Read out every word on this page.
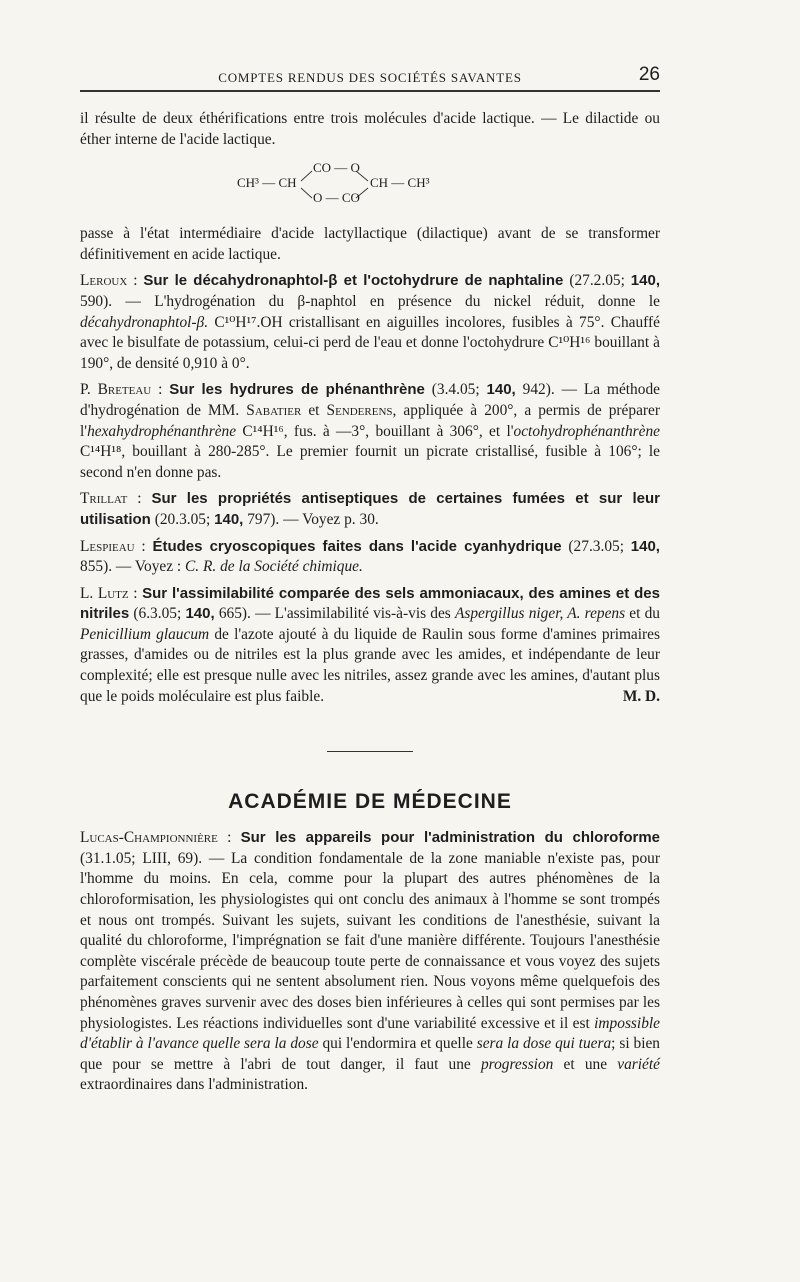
COMPTES RENDUS DES SOCIÉTÉS SAVANTES	26

il résulte de deux éthérifications entre trois molécules d'acide lactique. — Le dilactide ou éther interne de l'acide lactique.

CH³ — CH
CO — O
O — CO
CH — CH³

passe à l'état intermédiaire d'acide lactyllactique (dilactique) avant de se transformer définitivement en acide lactique.

Leroux : Sur le décahydronaphtol-β et l'octohydrure de naphtaline (27.2.05; 140, 590). — L'hydrogénation du β-naphtol en présence du nickel réduit, donne le décahydronaphtol-β. C¹⁰H¹⁷.OH cristallisant en aiguilles incolores, fusibles à 75°. Chauffé avec le bisulfate de potassium, celui-ci perd de l'eau et donne l'octohydrure C¹⁰H¹⁶ bouillant à 190°, de densité 0,910 à 0°.

P. Breteau : Sur les hydrures de phénanthrène (3.4.05; 140, 942). — La méthode d'hydrogénation de MM. Sabatier et Senderens, appliquée à 200°, a permis de préparer l'hexahydrophénanthrène C¹⁴H¹⁶, fus. à —3°, bouillant à 306°, et l'octohydrophénanthrène C¹⁴H¹⁸, bouillant à 280-285°. Le premier fournit un picrate cristallisé, fusible à 106°; le second n'en donne pas.

Trillat : Sur les propriétés antiseptiques de certaines fumées et sur leur utilisation (20.3.05; 140, 797). — Voyez p. 30.

Lespieau : Études cryoscopiques faites dans l'acide cyanhydrique (27.3.05; 140, 855). — Voyez : C. R. de la Société chimique.

L. Lutz : Sur l'assimilabilité comparée des sels ammoniacaux, des amines et des nitriles (6.3.05; 140, 665). — L'assimilabilité vis-à-vis des Aspergillus niger, A. repens et du Penicillium glaucum de l'azote ajouté à du liquide de Raulin sous forme d'amines primaires grasses, d'amides ou de nitriles est la plus grande avec les amides, et indépendante de leur complexité; elle est presque nulle avec les nitriles, assez grande avec les amines, d'autant plus que le poids moléculaire est plus faible.	M. D.

ACADÉMIE DE MÉDECINE

Lucas-Championnière : Sur les appareils pour l'administration du chloroforme (31.1.05; LIII, 69). — La condition fondamentale de la zone maniable n'existe pas, pour l'homme du moins. En cela, comme pour la plupart des autres phénomènes de la chloroformisation, les physiologistes qui ont conclu des animaux à l'homme se sont trompés et nous ont trompés. Suivant les sujets, suivant les conditions de l'anesthésie, suivant la qualité du chloroforme, l'imprégnation se fait d'une manière différente. Toujours l'anesthésie complète viscérale précède de beaucoup toute perte de connaissance et vous voyez des sujets parfaitement conscients qui ne sentent absolument rien. Nous voyons même quelquefois des phénomènes graves survenir avec des doses bien inférieures à celles qui sont permises par les physiologistes. Les réactions individuelles sont d'une variabilité excessive et il est impossible d'établir à l'avance quelle sera la dose qui l'endormira et quelle sera la dose qui tuera; si bien que pour se mettre à l'abri de tout danger, il faut une progression et une variété extraordinaires dans l'administration.
